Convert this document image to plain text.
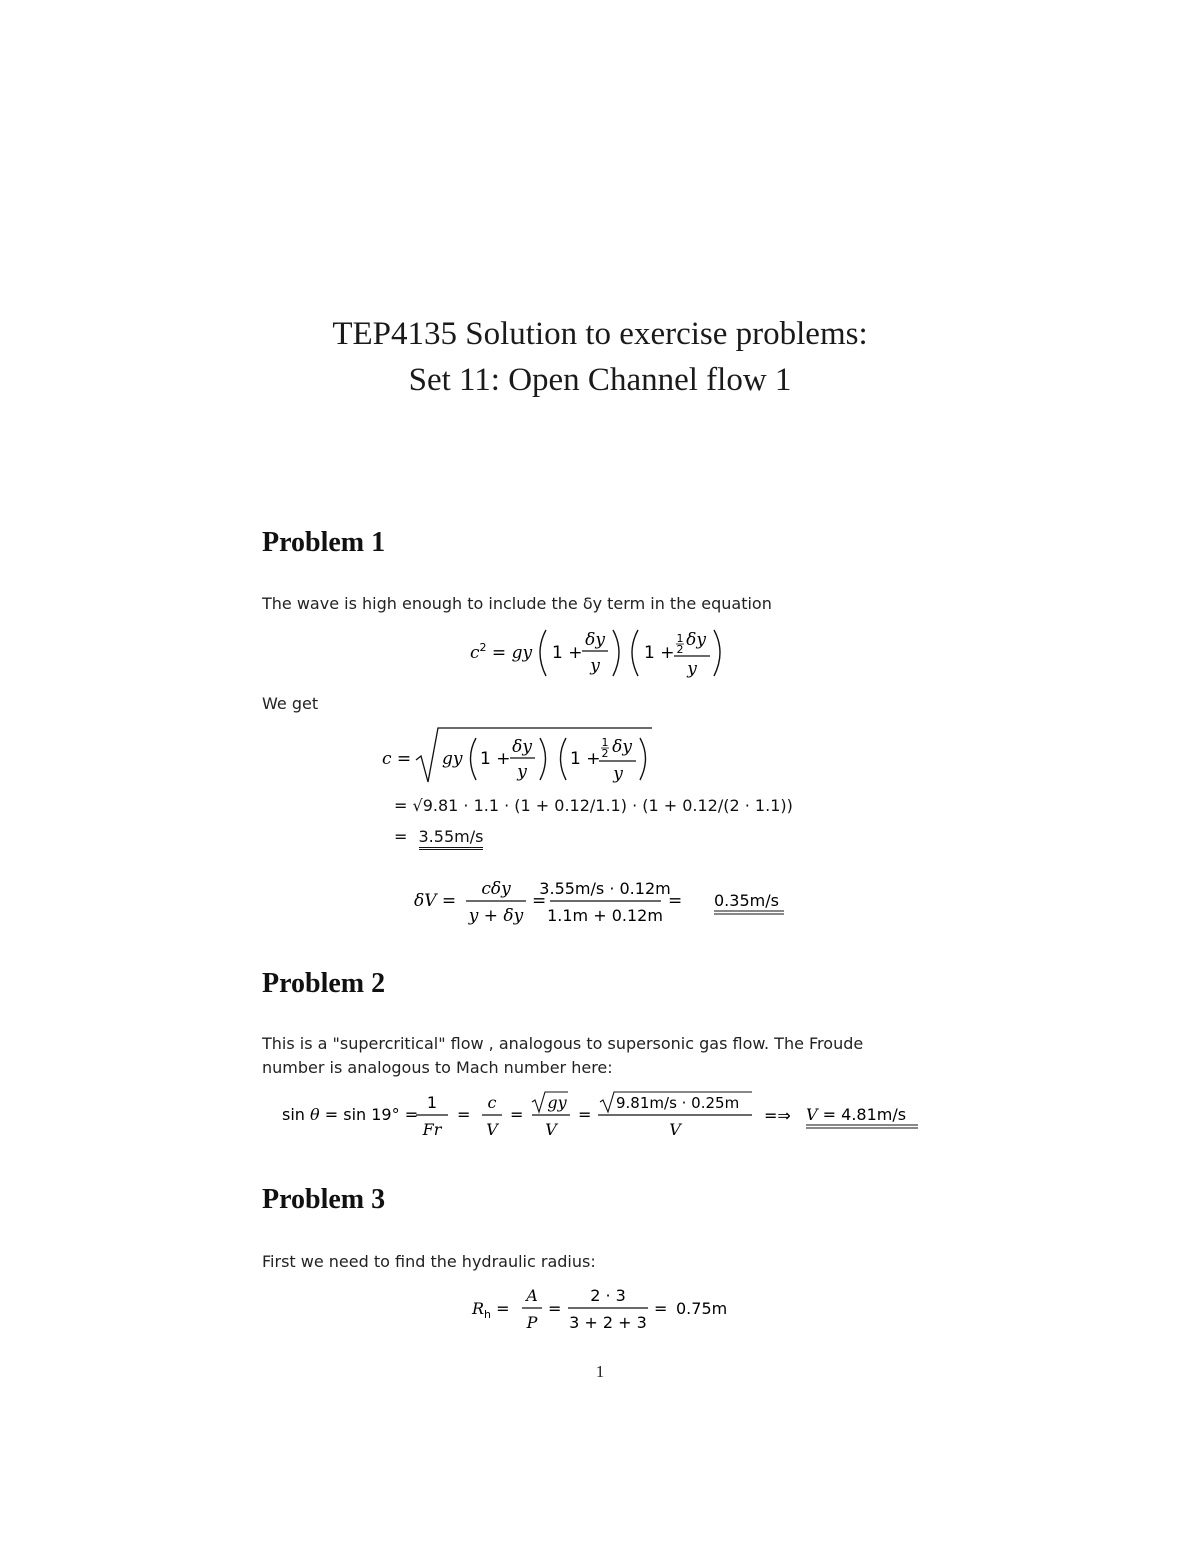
TEP4135 Solution to exercise problems:
Set 11: Open Channel flow 1
Problem 1

The wave is high enough to include the δy term in the equation

$c^2$ = gy 1 +
δy
y
1 +
1
2 δy
y

We get

c = gy 1 +
δy
y
1 +
1
2 δy
y
= √9.81 · 1.1 · (1 + 0.12/1.1) · (1 + 0.12/(2 · 1.1))
= 3.55m/s
δV =
cδy
y + δy
=
3.55m/s · 0.12m
1.1m + 0.12m
= 0.35m/s
Problem 2

This is a "supercritical" flow , analogous to supersonic gas flow. The Froude

number is analogous to Mach number here:

sin θ = sin 19° =
1
Fr
=
c
V
=
gy
V
=
9.81m/s · 0.25m
V
=⇒ V = 4.81m/s
Problem 3

First we need to find the hydraulic radius:

$R_h$ =
A
P
=
2 · 3
3 + 2 + 3
= 0.75m
1
